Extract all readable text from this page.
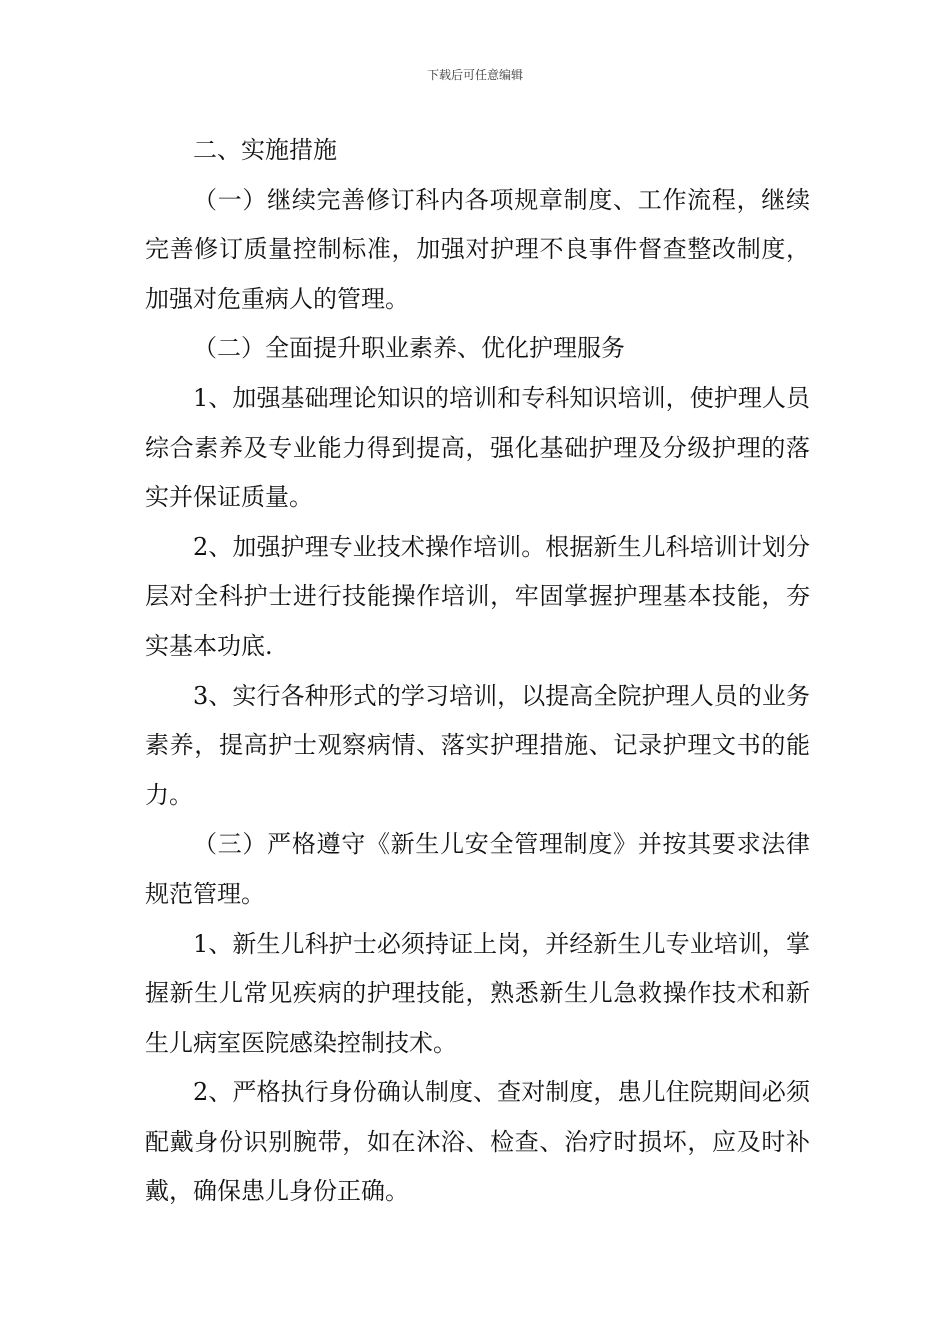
下载后可任意编辑

二、实施措施

（一）继续完善修订科内各项规章制度、工作流程，继续完善修订质量控制标准，加强对护理不良事件督查整改制度，加强对危重病人的管理。

（二）全面提升职业素养、优化护理服务

1、加强基础理论知识的培训和专科知识培训，使护理人员综合素养及专业能力得到提高，强化基础护理及分级护理的落实并保证质量。

2、加强护理专业技术操作培训。根据新生儿科培训计划分层对全科护士进行技能操作培训，牢固掌握护理基本技能，夯实基本功底.

3、实行各种形式的学习培训，以提高全院护理人员的业务素养，提高护士观察病情、落实护理措施、记录护理文书的能力。

（三）严格遵守《新生儿安全管理制度》并按其要求法律规范管理。

1、新生儿科护士必须持证上岗，并经新生儿专业培训，掌握新生儿常见疾病的护理技能，熟悉新生儿急救操作技术和新生儿病室医院感染控制技术。

2、严格执行身份确认制度、查对制度，患儿住院期间必须配戴身份识别腕带，如在沐浴、检查、治疗时损坏，应及时补戴，确保患儿身份正确。
